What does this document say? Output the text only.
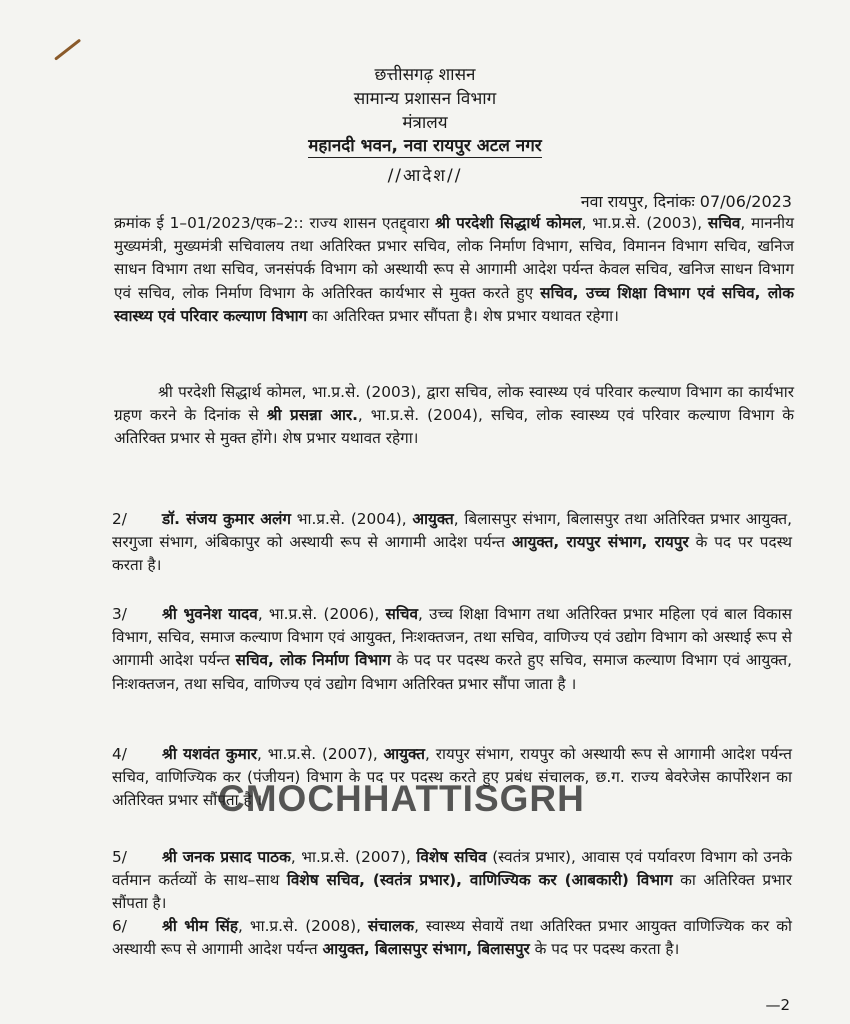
छत्तीसगढ़ शासन
सामान्य प्रशासन विभाग
मंत्रालय
महानदी भवन, नवा रायपुर अटल नगर
//आदेश//
नवा रायपुर, दिनांकः 07/06/2023
क्रमांक ई 1–01/2023/एक–2:: राज्य शासन एतद्द्वारा श्री परदेशी सिद्धार्थ कोमल, भा.प्र.से. (2003), सचिव, माननीय मुख्यमंत्री, मुख्यमंत्री सचिवालय तथा अतिरिक्त प्रभार सचिव, लोक निर्माण विभाग, सचिव, विमानन विभाग सचिव, खनिज साधन विभाग तथा सचिव, जनसंपर्क विभाग को अस्थायी रूप से आगामी आदेश पर्यन्त केवल सचिव, खनिज साधन विभाग एवं सचिव, लोक निर्माण विभाग के अतिरिक्त कार्यभार से मुक्त करते हुए सचिव, उच्च शिक्षा विभाग एवं सचिव, लोक स्वास्थ्य एवं परिवार कल्याण विभाग का अतिरिक्त प्रभार सौंपता है। शेष प्रभार यथावत रहेगा।
श्री परदेशी सिद्धार्थ कोमल, भा.प्र.से. (2003), द्वारा सचिव, लोक स्वास्थ्य एवं परिवार कल्याण विभाग का कार्यभार ग्रहण करने के दिनांक से श्री प्रसन्ना आर., भा.प्र.से. (2004), सचिव, लोक स्वास्थ्य एवं परिवार कल्याण विभाग के अतिरिक्त प्रभार से मुक्त होंगे। शेष प्रभार यथावत रहेगा।
2/ डॉ. संजय कुमार अलंग भा.प्र.से. (2004), आयुक्त, बिलासपुर संभाग, बिलासपुर तथा अतिरिक्त प्रभार आयुक्त, सरगुजा संभाग, अंबिकापुर को अस्थायी रूप से आगामी आदेश पर्यन्त आयुक्त, रायपुर संभाग, रायपुर के पद पर पदस्थ करता है।
3/ श्री भुवनेश यादव, भा.प्र.से. (2006), सचिव, उच्च शिक्षा विभाग तथा अतिरिक्त प्रभार महिला एवं बाल विकास विभाग, सचिव, समाज कल्याण विभाग एवं आयुक्त, निःशक्तजन, तथा सचिव, वाणिज्य एवं उद्योग विभाग को अस्थाई रूप से आगामी आदेश पर्यन्त सचिव, लोक निर्माण विभाग के पद पर पदस्थ करते हुए सचिव, समाज कल्याण विभाग एवं आयुक्त, निःशक्तजन, तथा सचिव, वाणिज्य एवं उद्योग विभाग अतिरिक्त प्रभार सौंपा जाता है ।
4/ श्री यशवंत कुमार, भा.प्र.से. (2007), आयुक्त, रायपुर संभाग, रायपुर को अस्थायी रूप से आगामी आदेश पर्यन्त सचिव, वाणिज्यिक कर (पंजीयन) विभाग के पद पर पदस्थ करते हुए प्रबंध संचालक, छ.ग. राज्य बेवरेजेस कार्पोरेशन का अतिरिक्त प्रभार सौंपता है ।
CMOCHHATTISGRH
5/ श्री जनक प्रसाद पाठक, भा.प्र.से. (2007), विशेष सचिव (स्वतंत्र प्रभार), आवास एवं पर्यावरण विभाग को उनके वर्तमान कर्तव्यों के साथ–साथ विशेष सचिव, (स्वतंत्र प्रभार), वाणिज्यिक कर (आबकारी) विभाग का अतिरिक्त प्रभार सौंपता है।
6/ श्री भीम सिंह, भा.प्र.से. (2008), संचालक, स्वास्थ्य सेवायें तथा अतिरिक्त प्रभार आयुक्त वाणिज्यिक कर को अस्थायी रूप से आगामी आदेश पर्यन्त आयुक्त, बिलासपुर संभाग, बिलासपुर के पद पर पदस्थ करता है।
—2
